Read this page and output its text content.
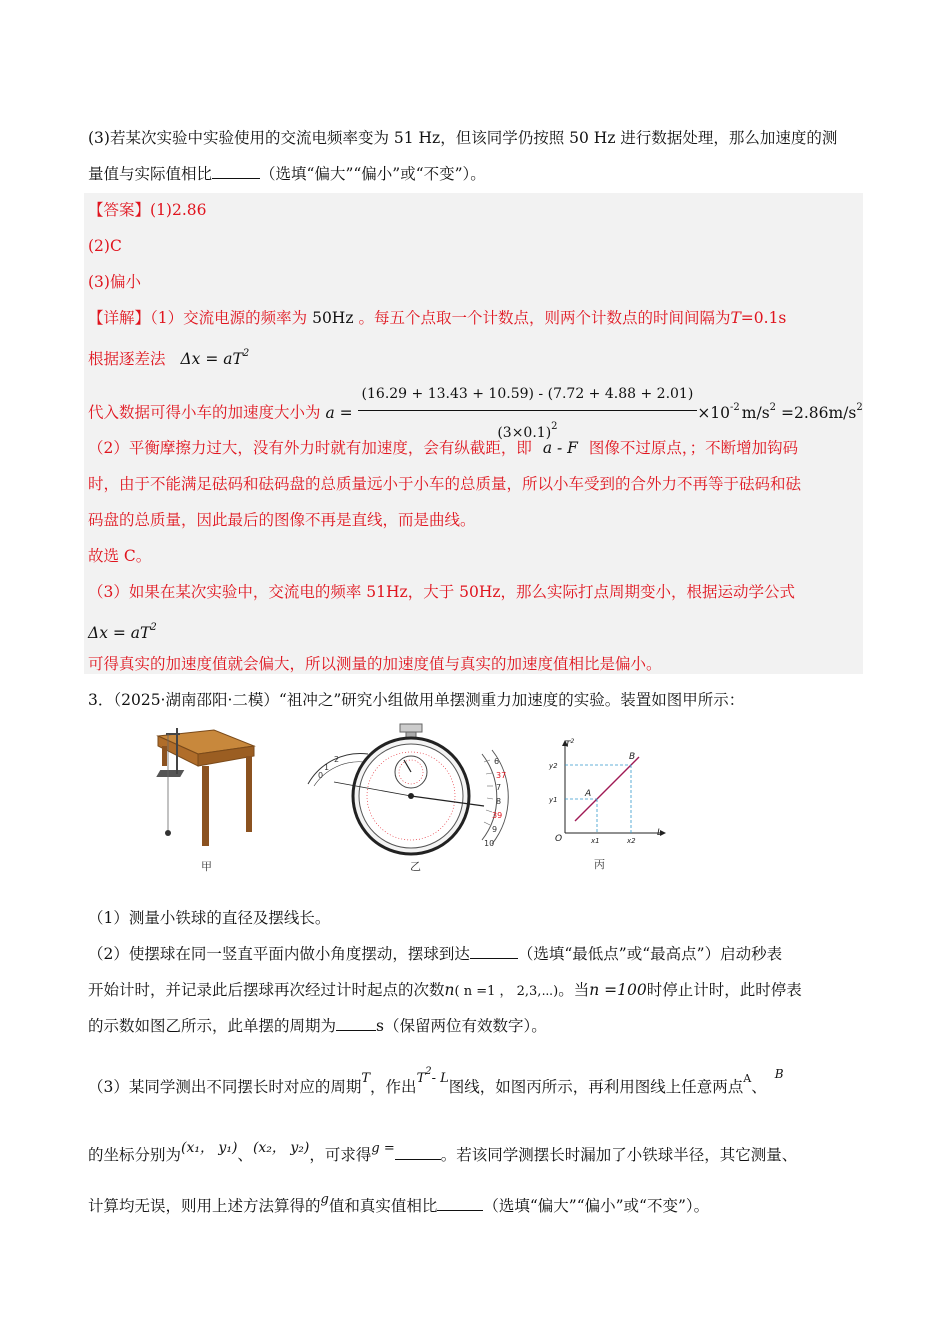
(3)若某次实验中实验使用的交流电频率变为 51 Hz，但该同学仍按照 50 Hz 进行数据处理，那么加速度的测
量值与实际值相比	（选填“偏大”“偏小”或“不变”）。
【答案】(1)2.86
(2)C
(3)偏小
【详解】（1）交流电源的频率为 50Hz 。每五个点取一个计数点，则两个计数点的时间间隔为T=0.1s
根据逐差法 $\Delta x = aT^2$
代入数据可得小车的加速度大小为 $a = \frac{(16.29 + 13.43 + 10.59) - (7.72 + 4.88 + 2.01)}{(3\times 0.1)^2} \times 10^{-2}$ $m/s^2 =2.86m/s^2$
（2）平衡摩擦力过大，没有外力时就有加速度，会有纵截距，即 a - F 图像不过原点，；不断增加钩码
时，由于不能满足砝码和砝码盘的总质量远小于小车的总质量，所以小车受到的合外力不再等于砝码和砝
码盘的总质量，因此最后的图像不再是直线，而是曲线。
故选 C。
（3）如果在某次实验中，交流电的频率 51Hz，大于 50Hz，那么实际打点周期变小，根据运动学公式
$\Delta x = aT^2$
可得真实的加速度值就会偏大，所以测量的加速度值与真实的加速度值相比是偏小。
3．（2025·湖南邵阳·二模）“祖冲之”研究小组做用单摆测重力加速度的实验。装置如图甲所示：
甲
1
2
0
6
37
7
8
39
9
10
乙
$T^2$
L
O
A
B
y1
y2
x1	x2
丙
（1）测量小铁球的直径及摆线长。
（2）使摆球在同一竖直平面内做小角度摆动，摆球到达	（选填“最低点”或“最高点”）启动秒表
开始计时，并记录此后摆球再次经过计时起点的次数n( n =1 ， 2,3,⋯)。当n =100时停止计时，此时停表
的示数如图乙所示，此单摆的周期为	s（保留两位有效数字）。
（3）某同学测出不同摆长时对应的周期$^T$，作出$^{T^2- L}$图线，如图丙所示，再利用图线上任意两点$^A$、$^B$
的坐标分别为(x₁， y₁)、(x₂， y₂)，可求得$^{g =}$	。若该同学测摆长时漏加了小铁球半径，其它测量、
计算均无误，则用上述方法算得的$^g$值和真实值相比	（选填“偏大”“偏小”或“不变”）。
